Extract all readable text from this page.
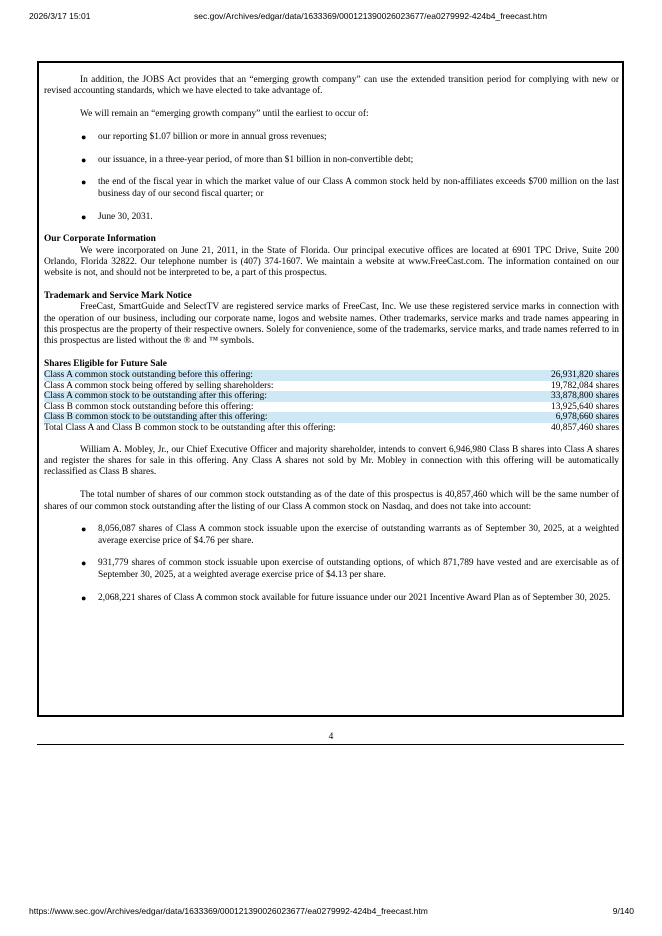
2026/3/17 15:01	sec.gov/Archives/edgar/data/1633369/000121390026023677/ea0279992-424b4_freecast.htm

In addition, the JOBS Act provides that an “emerging growth company” can use the extended transition period for complying with new or revised accounting standards, which we have elected to take advantage of.

We will remain an “emerging growth company” until the earliest to occur of:

● our reporting $1.07 billion or more in annual gross revenues;
● our issuance, in a three-year period, of more than $1 billion in non-convertible debt;
● the end of the fiscal year in which the market value of our Class A common stock held by non-affiliates exceeds $700 million on the last business day of our second fiscal quarter; or
● June 30, 2031.

Our Corporate Information

We were incorporated on June 21, 2011, in the State of Florida. Our principal executive offices are located at 6901 TPC Drive, Suite 200 Orlando, Florida 32822. Our telephone number is (407) 374-1607. We maintain a website at www.FreeCast.com. The information contained on our website is not, and should not be interpreted to be, a part of this prospectus.

Trademark and Service Mark Notice

FreeCast, SmartGuide and SelectTV are registered service marks of FreeCast, Inc. We use these registered service marks in connection with the operation of our business, including our corporate name, logos and website names. Other trademarks, service marks and trade names appearing in this prospectus are the property of their respective owners. Solely for convenience, some of the trademarks, service marks, and trade names referred to in this prospectus are listed without the ® and ™ symbols.

Shares Eligible for Future Sale

Class A common stock outstanding before this offering:	26,931,820 shares
Class A common stock being offered by selling shareholders:	19,782,084 shares
Class A common stock to be outstanding after this offering:	33,878,800 shares
Class B common stock outstanding before this offering:	13,925,640 shares
Class B common stock to be outstanding after this offering:	6,978,660 shares
Total Class A and Class B common stock to be outstanding after this offering:	40,857,460 shares

William A. Mobley, Jr., our Chief Executive Officer and majority shareholder, intends to convert 6,946,980 Class B shares into Class A shares and register the shares for sale in this offering. Any Class A shares not sold by Mr. Mobley in connection with this offering will be automatically reclassified as Class B shares.

The total number of shares of our common stock outstanding as of the date of this prospectus is 40,857,460 which will be the same number of shares of our common stock outstanding after the listing of our Class A common stock on Nasdaq, and does not take into account:

● 8,056,087 shares of Class A common stock issuable upon the exercise of outstanding warrants as of September 30, 2025, at a weighted average exercise price of $4.76 per share.
● 931,779 shares of common stock issuable upon exercise of outstanding options, of which 871,789 have vested and are exercisable as of September 30, 2025, at a weighted average exercise price of $4.13 per share.
● 2,068,221 shares of Class A common stock available for future issuance under our 2021 Incentive Award Plan as of September 30, 2025.
4
https://www.sec.gov/Archives/edgar/data/1633369/000121390026023677/ea0279992-424b4_freecast.htm	9/140
